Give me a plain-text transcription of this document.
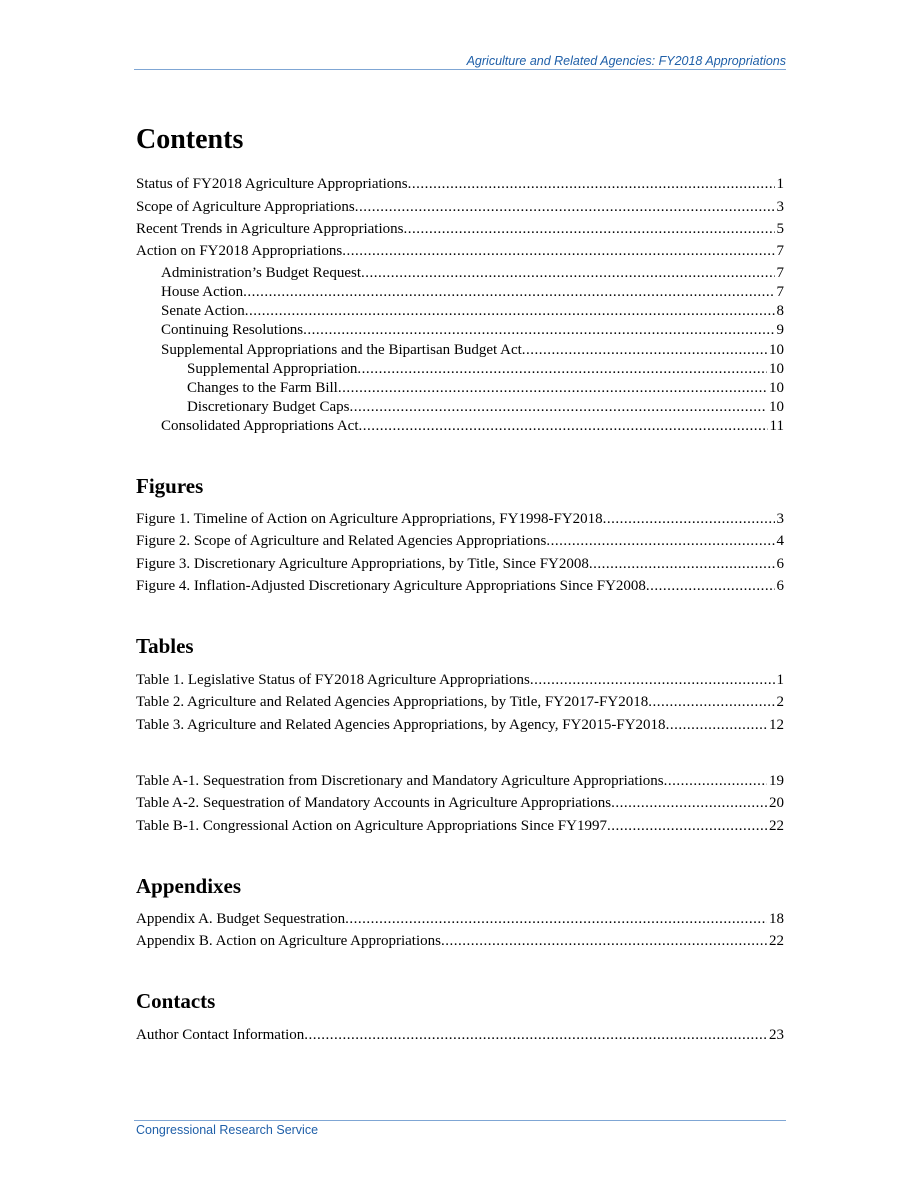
Agriculture and Related Agencies: FY2018 Appropriations
Contents
Status of FY2018 Agriculture Appropriations .....	1
Scope of Agriculture Appropriations .....	3
Recent Trends in Agriculture Appropriations .....	5
Action on FY2018 Appropriations .....	7
Administration’s Budget Request .....	7
House Action .....	7
Senate Action .....	8
Continuing Resolutions .....	9
Supplemental Appropriations and the Bipartisan Budget Act .....	10
Supplemental Appropriation .....	10
Changes to the Farm Bill .....	10
Discretionary Budget Caps .....	10
Consolidated Appropriations Act .....	11
Figures
Figure 1. Timeline of Action on Agriculture Appropriations, FY1998-FY2018 .....	3
Figure 2. Scope of Agriculture and Related Agencies Appropriations .....	4
Figure 3. Discretionary Agriculture Appropriations, by Title, Since FY2008 .....	6
Figure 4. Inflation-Adjusted Discretionary Agriculture Appropriations Since FY2008 .....	6
Tables
Table 1. Legislative Status of FY2018 Agriculture Appropriations .....	1
Table 2. Agriculture and Related Agencies Appropriations, by Title, FY2017-FY2018 .....	2
Table 3. Agriculture and Related Agencies Appropriations, by Agency, FY2015-FY2018 .....	12
Table A-1. Sequestration from Discretionary and Mandatory Agriculture Appropriations .....	19
Table A-2. Sequestration of Mandatory Accounts in Agriculture Appropriations .....	20
Table B-1. Congressional Action on Agriculture Appropriations Since FY1997 .....	22
Appendixes
Appendix A. Budget Sequestration .....	18
Appendix B. Action on Agriculture Appropriations .....	22
Contacts
Author Contact Information .....	23
Congressional Research Service
